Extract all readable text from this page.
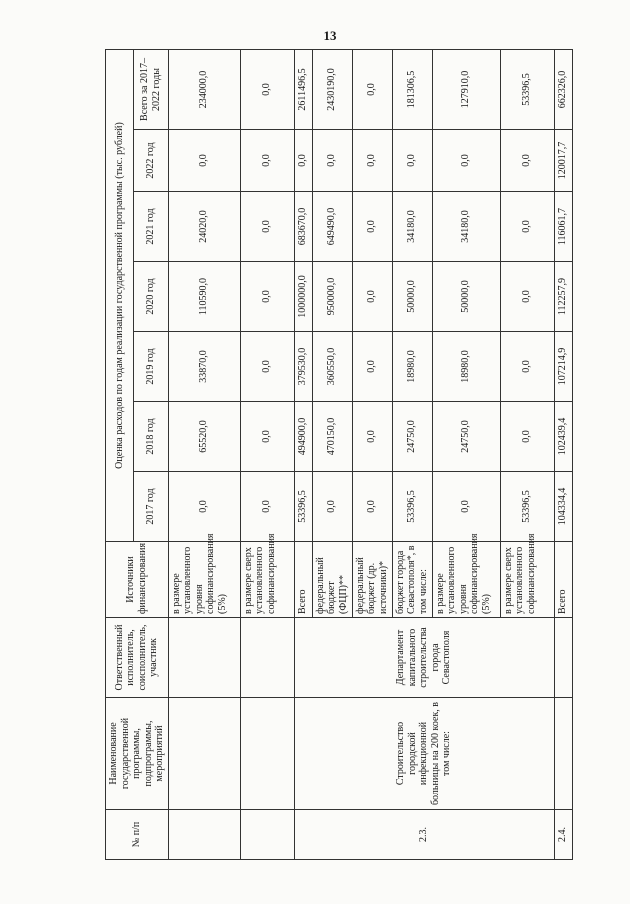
13
№ п/п	Наименование государственной программы, подпрограммы, мероприятий	Ответственный исполнитель, соисполнитель, участник	Источники финансирования	Оценка расходов по годам реализации государственной программы (тыс. рублей)						
				2017 год	2018 год	2019 год	2020 год	2021 год	2022 год	Всего за 2017–2022 годы
			в размере установленного уровня софинансирования (5%)	0,0	65520,0	33870,0	110590,0	24020,0	0,0	234000,0
			в размере сверх установленного софинансирования	0,0	0,0	0,0	0,0	0,0	0,0	0,0
2.3.	Строительство городской инфекционной больницы на 200 коек, в том числе:	Департамент капитального строительства города Севастополя	Всего	53396,5	494900,0	379530,0	1000000,0	683670,0	0,0	2611496,5
			федеральный бюджет (ФЦП)**	0,0	470150,0	360550,0	950000,0	649490,0	0,0	2430190,0
			федеральный бюджет (др. источники)*	0,0	0,0	0,0	0,0	0,0	0,0	0,0
			бюджет города Севастополя*, в том числе:	53396,5	24750,0	18980,0	50000,0	34180,0	0,0	181306,5
			в размере установленного уровня софинансирования (5%)	0,0	24750,0	18980,0	50000,0	34180,0	0,0	127910,0
			в размере сверх установленного софинансирования	53396,5	0,0	0,0	0,0	0,0	0,0	53396,5
2.4.			Всего	104334,4	102439,4	107214,9	112257,9	116061,7	120017,7	662326,0
